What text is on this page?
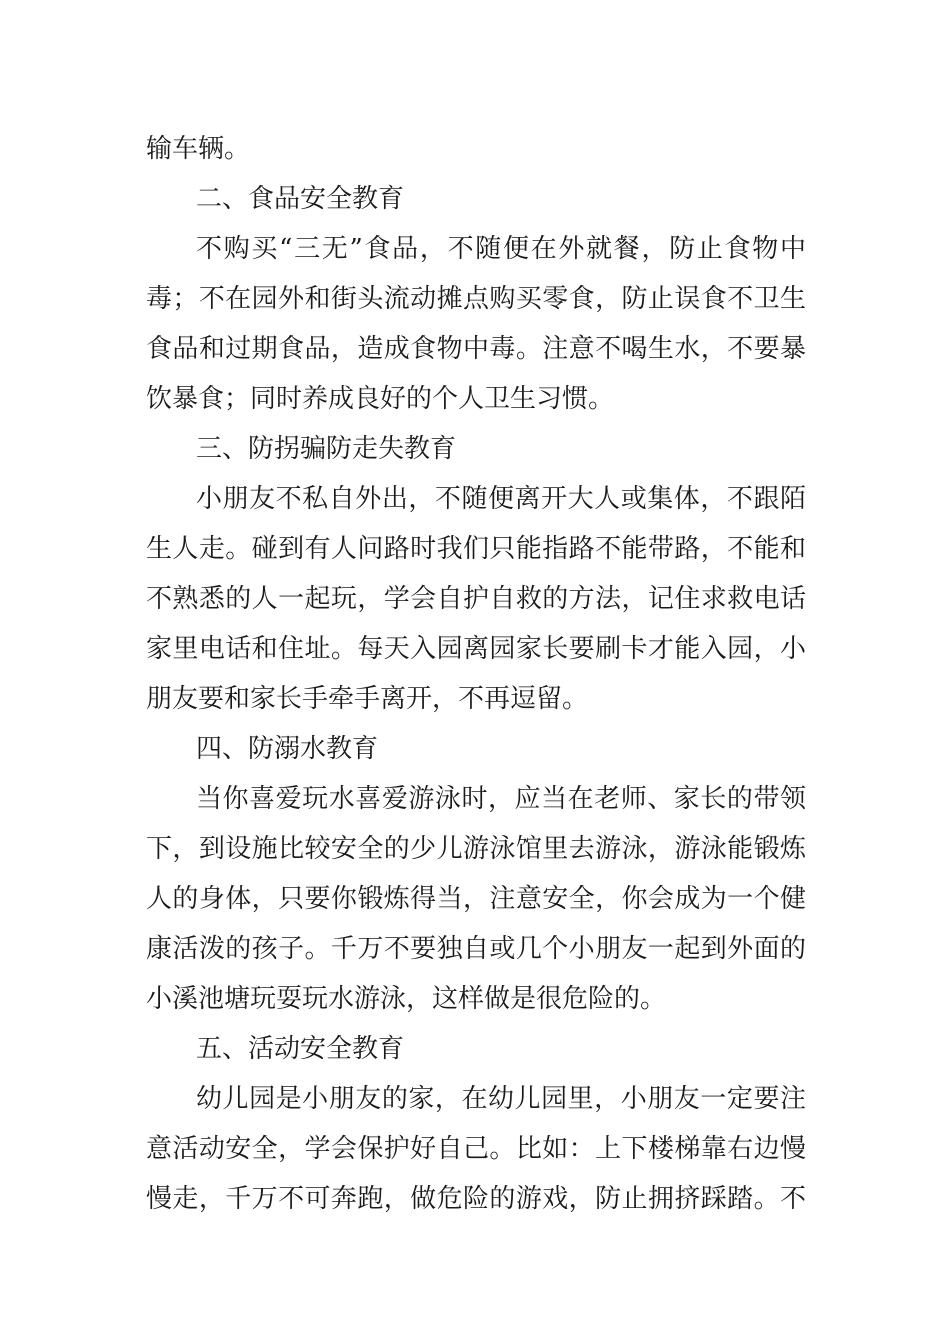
输车辆。
二、食品安全教育
不购买“三无”食品，不随便在外就餐，防止食物中
毒；不在园外和街头流动摊点购买零食，防止误食不卫生
食品和过期食品，造成食物中毒。注意不喝生水，不要暴
饮暴食；同时养成良好的个人卫生习惯。
三、防拐骗防走失教育
小朋友不私自外出，不随便离开大人或集体，不跟陌
生人走。碰到有人问路时我们只能指路不能带路，不能和
不熟悉的人一起玩，学会自护自救的方法，记住求救电话
家里电话和住址。每天入园离园家长要刷卡才能入园，小
朋友要和家长手牵手离开，不再逗留。
四、防溺水教育
当你喜爱玩水喜爱游泳时，应当在老师、家长的带领
下，到设施比较安全的少儿游泳馆里去游泳，游泳能锻炼
人的身体，只要你锻炼得当，注意安全，你会成为一个健
康活泼的孩子。千万不要独自或几个小朋友一起到外面的
小溪池塘玩耍玩水游泳，这样做是很危险的。
五、活动安全教育
幼儿园是小朋友的家，在幼儿园里，小朋友一定要注
意活动安全，学会保护好自己。比如：上下楼梯靠右边慢
慢走，千万不可奔跑，做危险的游戏，防止拥挤踩踏。不
